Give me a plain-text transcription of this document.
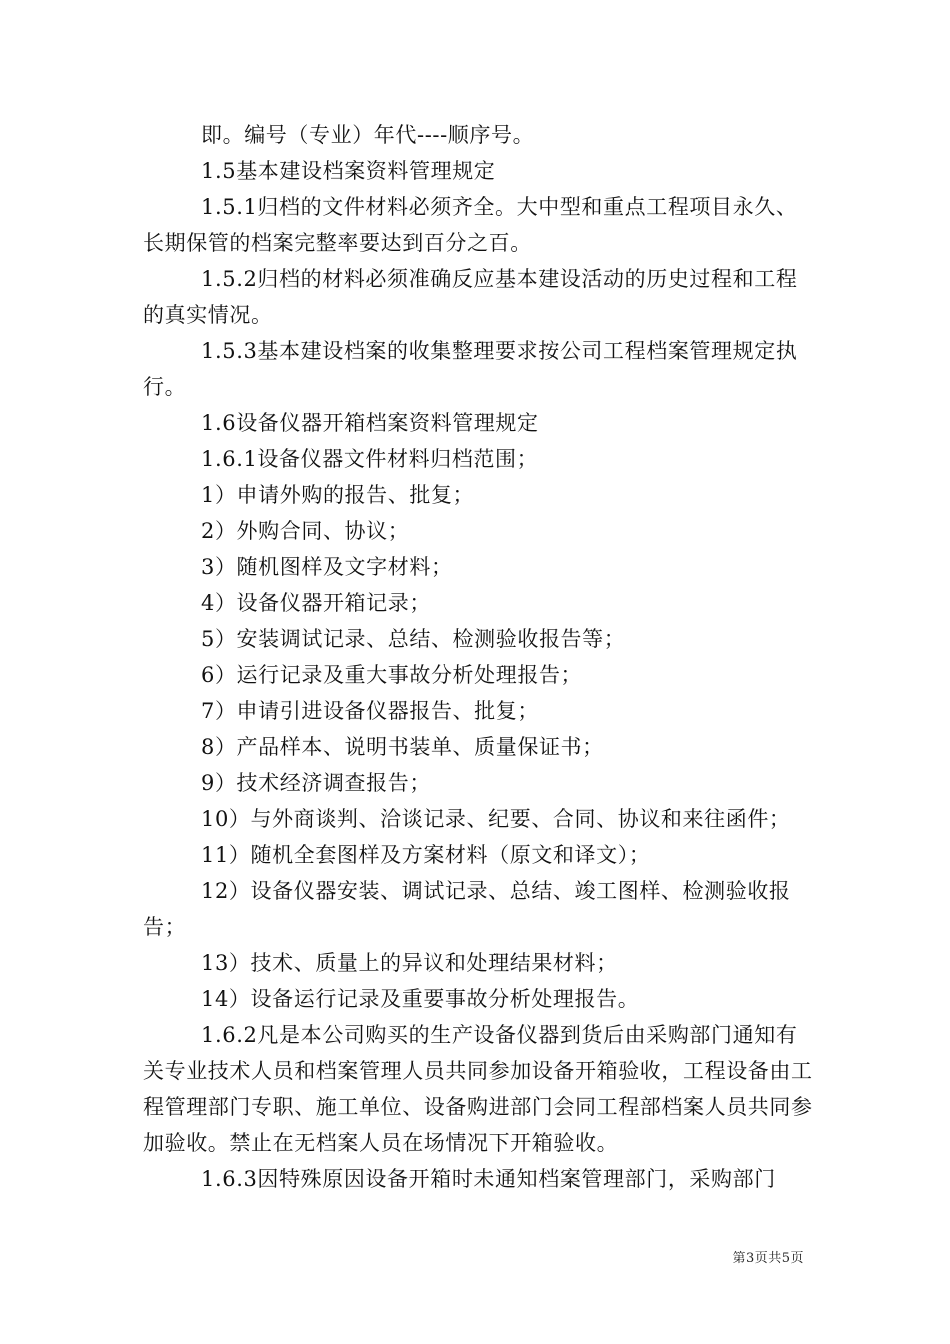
即。编号（专业）年代----顺序号。

1.5基本建设档案资料管理规定

1.5.1归档的文件材料必须齐全。大中型和重点工程项目永久、长期保管的档案完整率要达到百分之百。

1.5.2归档的材料必须准确反应基本建设活动的历史过程和工程的真实情况。

1.5.3基本建设档案的收集整理要求按公司工程档案管理规定执行。

1.6设备仪器开箱档案资料管理规定

1.6.1设备仪器文件材料归档范围；

1）申请外购的报告、批复；

2）外购合同、协议；

3）随机图样及文字材料；

4）设备仪器开箱记录；

5）安装调试记录、总结、检测验收报告等；

6）运行记录及重大事故分析处理报告；

7）申请引进设备仪器报告、批复；

8）产品样本、说明书装单、质量保证书；

9）技术经济调查报告；

10）与外商谈判、洽谈记录、纪要、合同、协议和来往函件；

11）随机全套图样及方案材料（原文和译文）；

12）设备仪器安装、调试记录、总结、竣工图样、检测验收报告；

13）技术、质量上的异议和处理结果材料；

14）设备运行记录及重要事故分析处理报告。

1.6.2凡是本公司购买的生产设备仪器到货后由采购部门通知有关专业技术人员和档案管理人员共同参加设备开箱验收，工程设备由工程管理部门专职、施工单位、设备购进部门会同工程部档案人员共同参加验收。禁止在无档案人员在场情况下开箱验收。

1.6.3因特殊原因设备开箱时未通知档案管理部门，采购部门

第3页共5页
